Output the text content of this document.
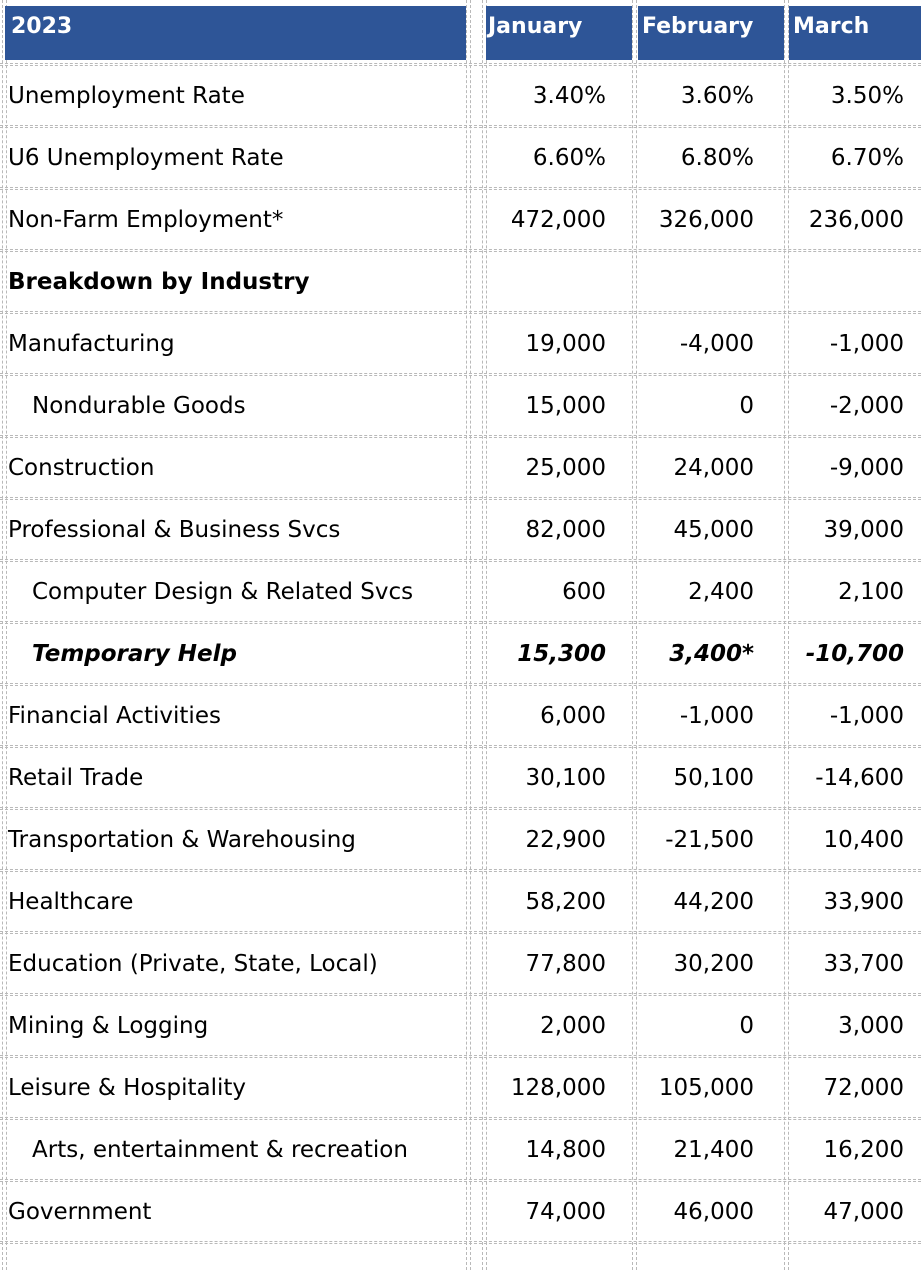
2023	January	February	March
Unemployment Rate	3.40%	3.60%	3.50%
U6 Unemployment Rate	6.60%	6.80%	6.70%
Non-Farm Employment*	472,000	326,000	236,000
Breakdown by Industry
Manufacturing	19,000	-4,000	-1,000
Nondurable Goods	15,000	0	-2,000
Construction	25,000	24,000	-9,000
Professional & Business Svcs	82,000	45,000	39,000
Computer Design & Related Svcs	600	2,400	2,100
Temporary Help	15,300	3,400*	-10,700
Financial Activities	6,000	-1,000	-1,000
Retail Trade	30,100	50,100	-14,600
Transportation & Warehousing	22,900	-21,500	10,400
Healthcare	58,200	44,200	33,900
Education (Private, State, Local)	77,800	30,200	33,700
Mining & Logging	2,000	0	3,000
Leisure & Hospitality	128,000	105,000	72,000
Arts, entertainment & recreation	14,800	21,400	16,200
Government	74,000	46,000	47,000
